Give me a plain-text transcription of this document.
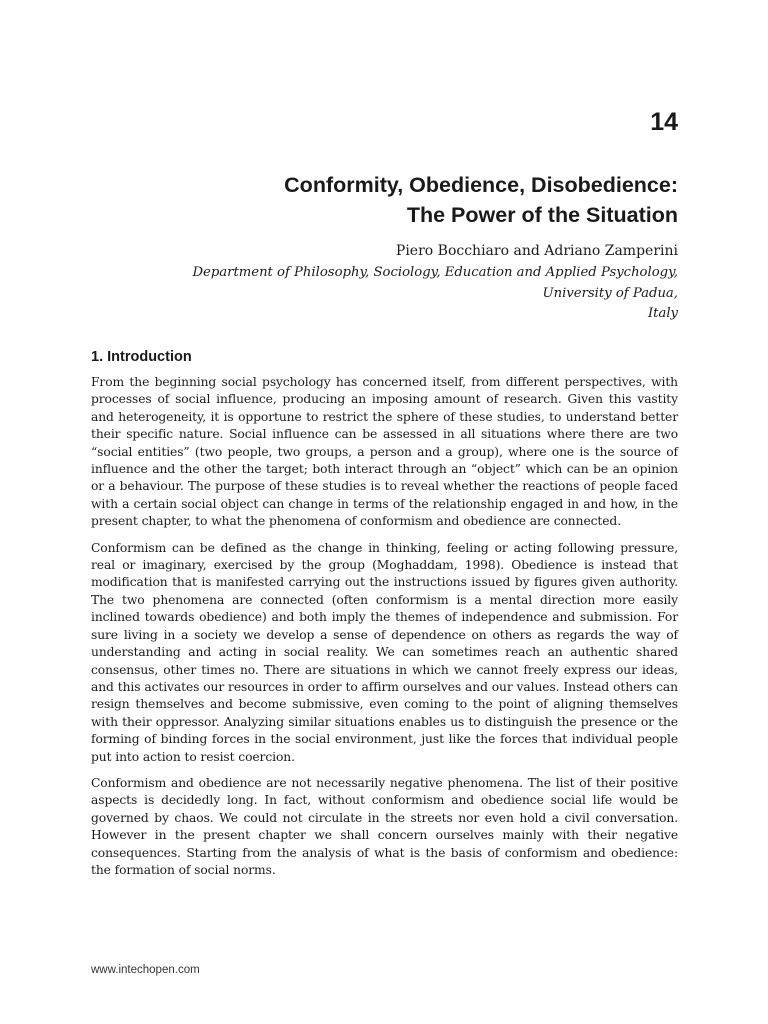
14
Conformity, Obedience, Disobedience:
The Power of the Situation

Piero Bocchiaro and Adriano Zamperini

Department of Philosophy, Sociology, Education and Applied Psychology,
University of Padua,
Italy
1. Introduction

From the beginning social psychology has concerned itself, from different perspectives, with processes of social influence, producing an imposing amount of research. Given this vastity and heterogeneity, it is opportune to restrict the sphere of these studies, to understand better their specific nature. Social influence can be assessed in all situations where there are two “social entities” (two people, two groups, a person and a group), where one is the source of influence and the other the target; both interact through an “object” which can be an opinion or a behaviour. The purpose of these studies is to reveal whether the reactions of people faced with a certain social object can change in terms of the relationship engaged in and how, in the present chapter, to what the phenomena of conformism and obedience are connected.

Conformism can be defined as the change in thinking, feeling or acting following pressure, real or imaginary, exercised by the group (Moghaddam, 1998). Obedience is instead that modification that is manifested carrying out the instructions issued by figures given authority. The two phenomena are connected (often conformism is a mental direction more easily inclined towards obedience) and both imply the themes of independence and submission. For sure living in a society we develop a sense of dependence on others as regards the way of understanding and acting in social reality. We can sometimes reach an authentic shared consensus, other times no. There are situations in which we cannot freely express our ideas, and this activates our resources in order to affirm ourselves and our values. Instead others can resign themselves and become submissive, even coming to the point of aligning themselves with their oppressor. Analyzing similar situations enables us to distinguish the presence or the forming of binding forces in the social environment, just like the forces that individual people put into action to resist coercion.

Conformism and obedience are not necessarily negative phenomena. The list of their positive aspects is decidedly long. In fact, without conformism and obedience social life would be governed by chaos. We could not circulate in the streets nor even hold a civil conversation. However in the present chapter we shall concern ourselves mainly with their negative consequences. Starting from the analysis of what is the basis of conformism and obedience: the formation of social norms.

www.intechopen.com
